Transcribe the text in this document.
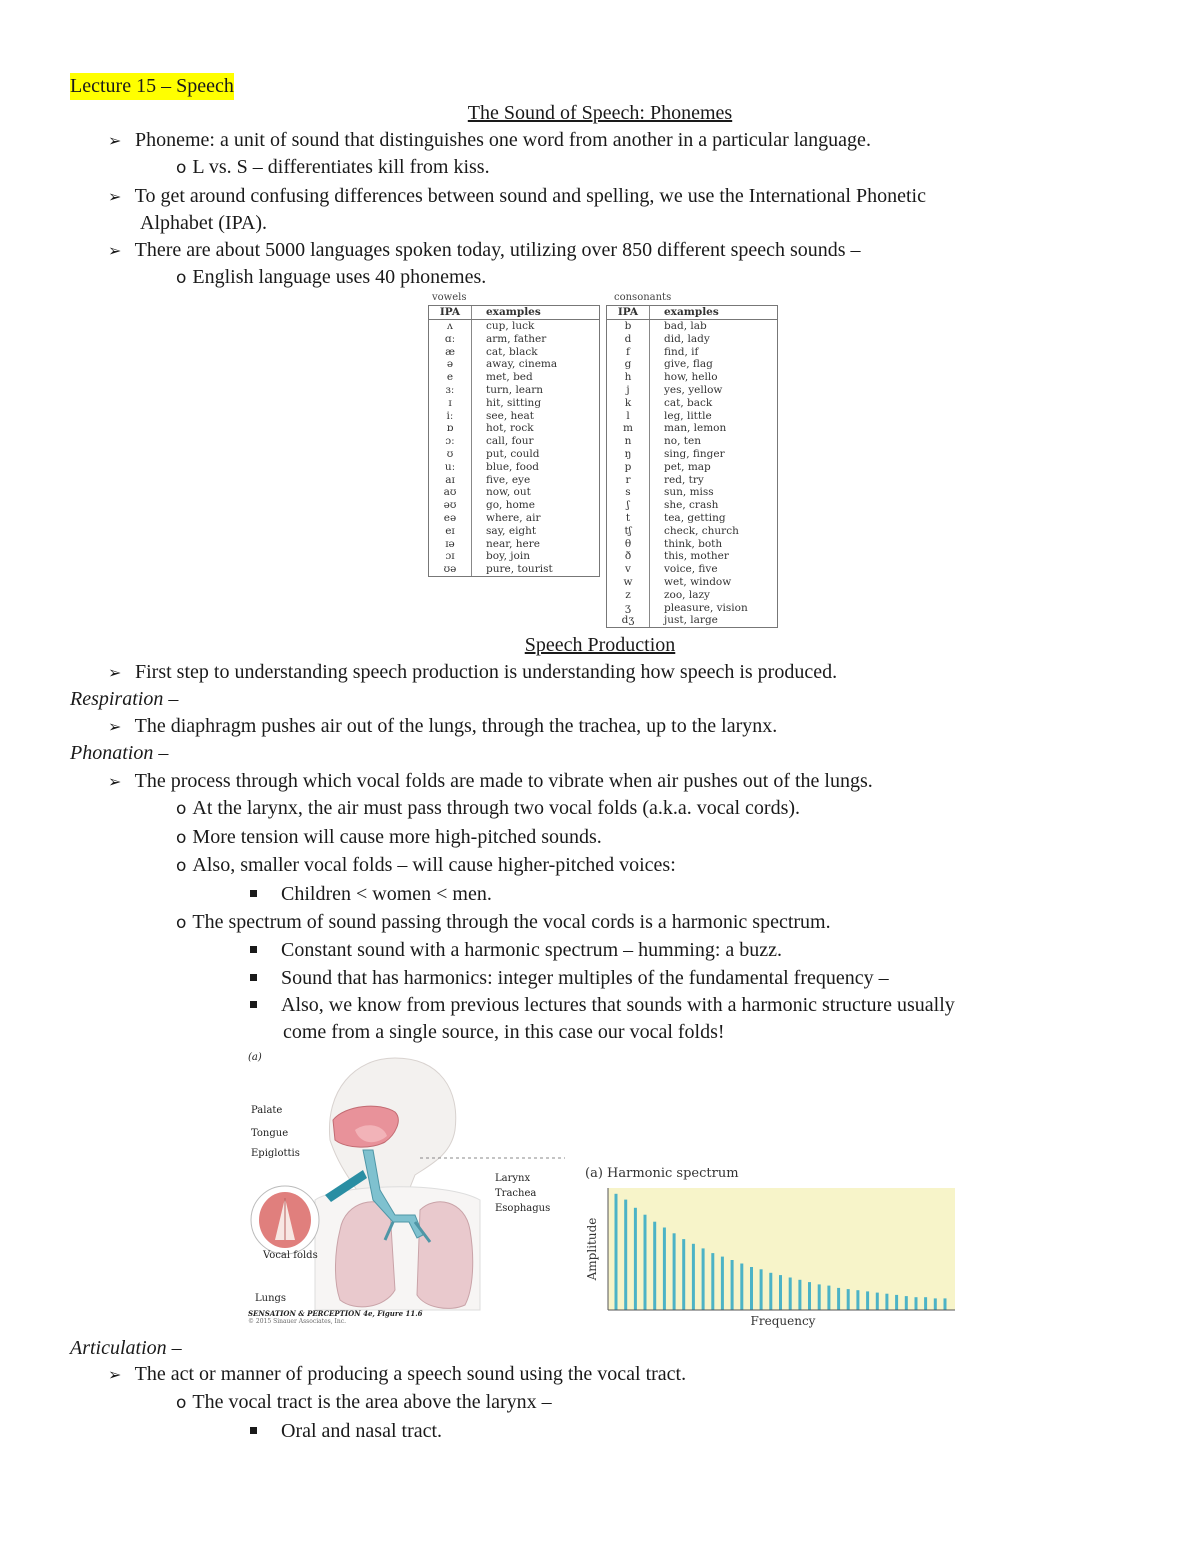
Lecture 15 – Speech
The Sound of Speech: Phonemes
➢ Phoneme: a unit of sound that distinguishes one word from another in a particular language.
o L vs. S – differentiates kill from kiss.
➢ To get around confusing differences between sound and spelling, we use the International Phonetic
Alphabet (IPA).
➢ There are about 5000 languages spoken today, utilizing over 850 different speech sounds –
o English language uses 40 phonemes.
vowels
IPA	examples
ʌ	cup, luck
ɑː	arm, father
æ	cat, black
ə	away, cinema
e	met, bed
ɜː	turn, learn
ɪ	hit, sitting
iː	see, heat
ɒ	hot, rock
ɔː	call, four
ʊ	put, could
uː	blue, food
aɪ	five, eye
aʊ	now, out
əʊ	go, home
eə	where, air
eɪ	say, eight
ɪə	near, here
ɔɪ	boy, join
ʊə	pure, tourist
consonants
IPA	examples
b	bad, lab
d	did, lady
f	find, if
g	give, flag
h	how, hello
j	yes, yellow
k	cat, back
l	leg, little
m	man, lemon
n	no, ten
ŋ	sing, finger
p	pet, map
r	red, try
s	sun, miss
ʃ	she, crash
t	tea, getting
tʃ	check, church
θ	think, both
ð	this, mother
v	voice, five
w	wet, window
z	zoo, lazy
ʒ	pleasure, vision
dʒ	just, large
Speech Production
➢ First step to understanding speech production is understanding how speech is produced.
Respiration –
➢ The diaphragm pushes air out of the lungs, through the trachea, up to the larynx.
Phonation –
➢ The process through which vocal folds are made to vibrate when air pushes out of the lungs.
o At the larynx, the air must pass through two vocal folds (a.k.a. vocal cords).
o More tension will cause more high-pitched sounds.
o Also, smaller vocal folds – will cause higher-pitched voices:
Children < women < men.
o The spectrum of sound passing through the vocal cords is a harmonic spectrum.
Constant sound with a harmonic spectrum – humming: a buzz.
Sound that has harmonics: integer multiples of the fundamental frequency –
Also, we know from previous lectures that sounds with a harmonic structure usually
come from a single source, in this case our vocal folds!
(a)
Palate
Tongue
Epiglottis
Larynx
Trachea
Esophagus
Vocal folds
Lungs
SENSATION & PERCEPTION 4e, Figure 11.6
© 2015 Sinauer Associates, Inc.
(a) Harmonic spectrum
Frequency
Amplitude
Articulation –
➢ The act or manner of producing a speech sound using the vocal tract.
o The vocal tract is the area above the larynx –
Oral and nasal tract.
